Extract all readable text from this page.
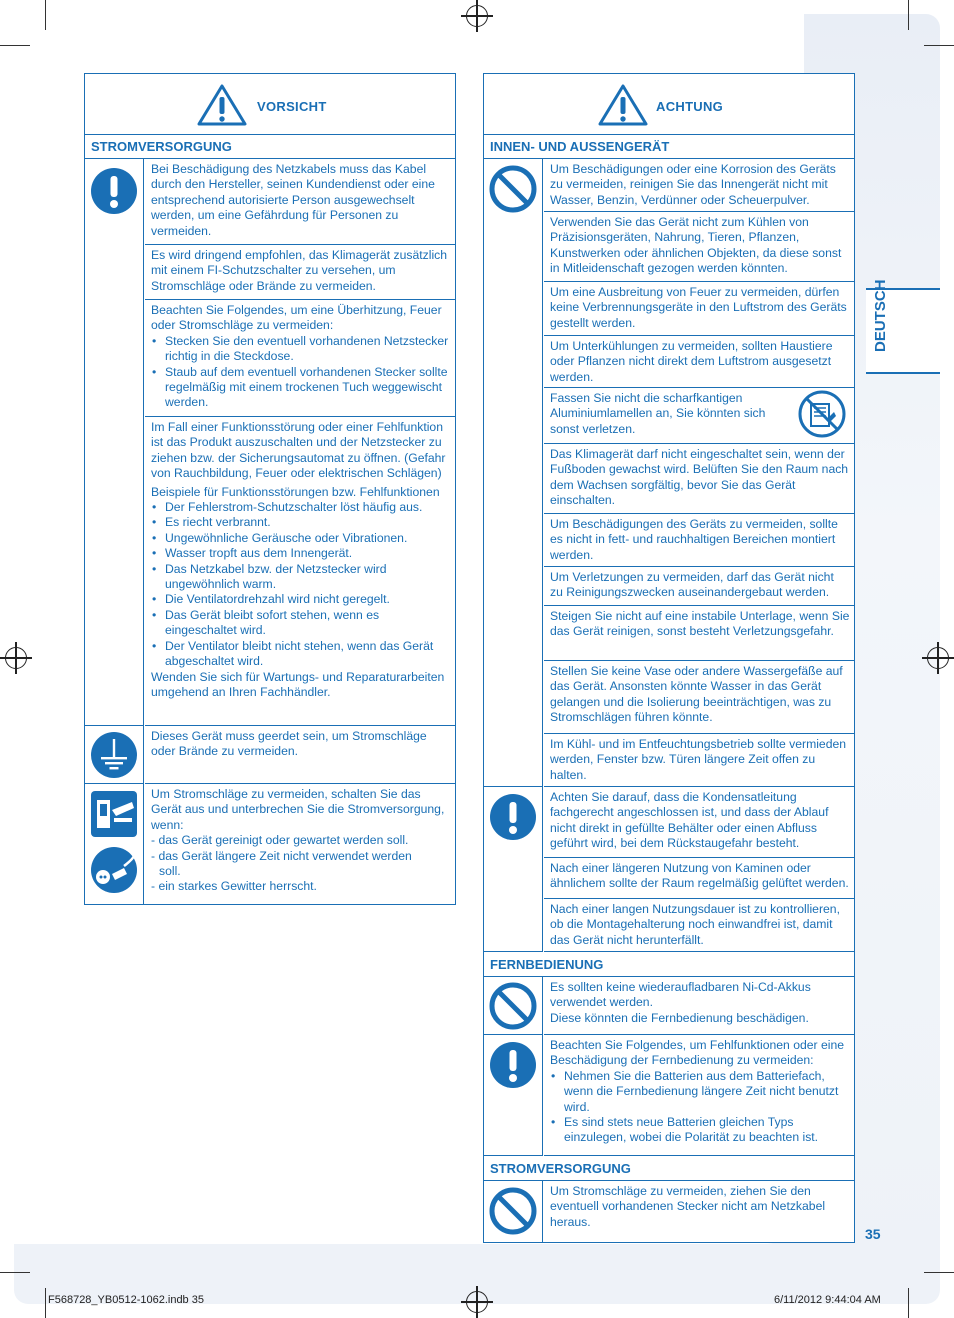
VORSICHT
STROMVERSORGUNG
Bei Beschädigung des Netzkabels muss das Kabel durch den Hersteller, seinen Kundendienst oder eine entsprechend autorisierte Person ausgewechselt werden, um eine Gefährdung für Personen zu vermeiden.
Es wird dringend empfohlen, das Klimagerät zusätzlich mit einem FI-Schutzschalter zu versehen, um Stromschläge oder Brände zu vermeiden.
Beachten Sie Folgendes, um eine Überhitzung, Feuer oder Stromschläge zu vermeiden:
• Stecken Sie den eventuell vorhandenen Netzstecker richtig in die Steckdose.
• Staub auf dem eventuell vorhandenen Stecker sollte regelmäßig mit einem trockenen Tuch weggewischt werden.
Im Fall einer Funktionsstörung oder einer Fehlfunktion ist das Produkt auszuschalten und der Netzstecker zu ziehen bzw. der Sicherungsautomat zu öffnen. (Gefahr von Rauchbildung, Feuer oder elektrischen Schlägen)
Beispiele für Funktionsstörungen bzw. Fehlfunktionen
• Der Fehlerstrom-Schutzschalter löst häufig aus.
• Es riecht verbrannt.
• Ungewöhnliche Geräusche oder Vibrationen.
• Wasser tropft aus dem Innengerät.
• Das Netzkabel bzw. der Netzstecker wird ungewöhnlich warm.
• Die Ventilatordrehzahl wird nicht geregelt.
• Das Gerät bleibt sofort stehen, wenn es eingeschaltet wird.
• Der Ventilator bleibt nicht stehen, wenn das Gerät abgeschaltet wird.
Wenden Sie sich für Wartungs- und Reparaturarbeiten umgehend an Ihren Fachhändler.
Dieses Gerät muss geerdet sein, um Stromschläge oder Brände zu vermeiden.
Um Stromschläge zu vermeiden, schalten Sie das Gerät aus und unterbrechen Sie die Stromversorgung, wenn:
- das Gerät gereinigt oder gewartet werden soll.
- das Gerät längere Zeit nicht verwendet werden
soll.
- ein starkes Gewitter herrscht.
ACHTUNG
INNEN- UND AUSSENGERÄT
FERNBEDIENUNG
STROMVERSORGUNG
Um Beschädigungen oder eine Korrosion des Geräts zu vermeiden, reinigen Sie das Innengerät nicht mit Wasser, Benzin, Verdünner oder Scheuerpulver.
Verwenden Sie das Gerät nicht zum Kühlen von Präzisionsgeräten, Nahrung, Tieren, Pflanzen, Kunstwerken oder ähnlichen Objekten, da diese sonst in Mitleidenschaft gezogen werden könnten.
Um eine Ausbreitung von Feuer zu vermeiden, dürfen keine Verbrennungsgeräte in den Luftstrom des Geräts gestellt werden.
Um Unterkühlungen zu vermeiden, sollten Haustiere oder Pflanzen nicht direkt dem Luftstrom ausgesetzt werden.
Fassen Sie nicht die scharfkantigen Aluminiumlamellen an, Sie könnten sich sonst verletzen.
Das Klimagerät darf nicht eingeschaltet sein, wenn der Fußboden gewachst wird. Belüften Sie den Raum nach dem Wachsen sorgfältig, bevor Sie das Gerät einschalten.
Um Beschädigungen des Geräts zu vermeiden, sollte es nicht in fett- und rauchhaltigen Bereichen montiert werden.
Um Verletzungen zu vermeiden, darf das Gerät nicht zu Reinigungszwecken auseinandergebaut werden.
Steigen Sie nicht auf eine instabile Unterlage, wenn Sie das Gerät reinigen, sonst besteht Verletzungsgefahr.
Stellen Sie keine Vase oder andere Wassergefäße auf das Gerät. Ansonsten könnte Wasser in das Gerät gelangen und die Isolierung beeinträchtigen, was zu Stromschlägen führen könnte.
Im Kühl- und im Entfeuchtungsbetrieb sollte vermieden werden, Fenster bzw. Türen längere Zeit offen zu halten.
Achten Sie darauf, dass die Kondensatleitung fachgerecht angeschlossen ist, und dass der Ablauf nicht direkt in gefüllte Behälter oder einen Abfluss geführt wird, bei dem Rückstaugefahr besteht.
Nach einer längeren Nutzung von Kaminen oder ähnlichem sollte der Raum regelmäßig gelüftet werden.
Nach einer langen Nutzungsdauer ist zu kontrollieren, ob die Montagehalterung noch einwandfrei ist, damit das Gerät nicht herunterfällt.
Es sollten keine wiederaufladbaren Ni-Cd-Akkus verwendet werden.
Diese könnten die Fernbedienung beschädigen.
Beachten Sie Folgendes, um Fehlfunktionen oder eine Beschädigung der Fernbedienung zu vermeiden:
• Nehmen Sie die Batterien aus dem Batteriefach, wenn die Fernbedienung längere Zeit nicht benutzt wird.
• Es sind stets neue Batterien gleichen Typs einzulegen, wobei die Polarität zu beachten ist.
Um Stromschläge zu vermeiden, ziehen Sie den eventuell vorhandenen Stecker nicht am Netzkabel heraus.
DEUTSCH
35
F568728_YB0512-1062.indb 35	6/11/2012 9:44:04 AM
